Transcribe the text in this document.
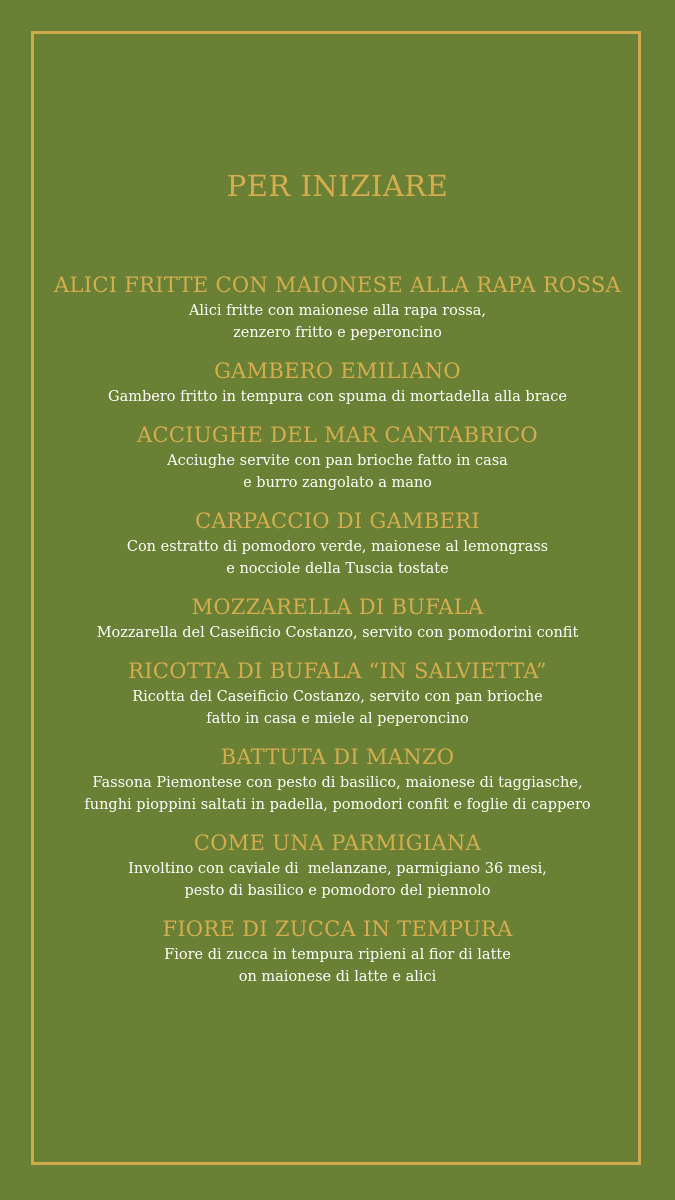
PER INIZIARE
ALICI FRITTE CON MAIONESE ALLA RAPA ROSSA
Alici fritte con maionese alla rapa rossa,
zenzero fritto e peperoncino
GAMBERO EMILIANO
Gambero fritto in tempura con spuma di mortadella alla brace
ACCIUGHE DEL MAR CANTABRICO
Acciughe servite con pan brioche fatto in casa
e burro zangolato a mano
CARPACCIO DI GAMBERI
Con estratto di pomodoro verde, maionese al lemongrass
e nocciole della Tuscia tostate
MOZZARELLA DI BUFALA
Mozzarella del Caseificio Costanzo, servito con pomodorini confit
RICOTTA DI BUFALA “IN SALVIETTA”
Ricotta del Caseificio Costanzo, servito con pan brioche
fatto in casa e miele al peperoncino
BATTUTA DI MANZO
Fassona Piemontese con pesto di basilico, maionese di taggiasche,
funghi pioppini saltati in padella, pomodori confit e foglie di cappero
COME UNA PARMIGIANA
Involtino con caviale di  melanzane, parmigiano 36 mesi,
pesto di basilico e pomodoro del piennolo
FIORE DI ZUCCA IN TEMPURA
Fiore di zucca in tempura ripieni al fior di latte
on maionese di latte e alici
